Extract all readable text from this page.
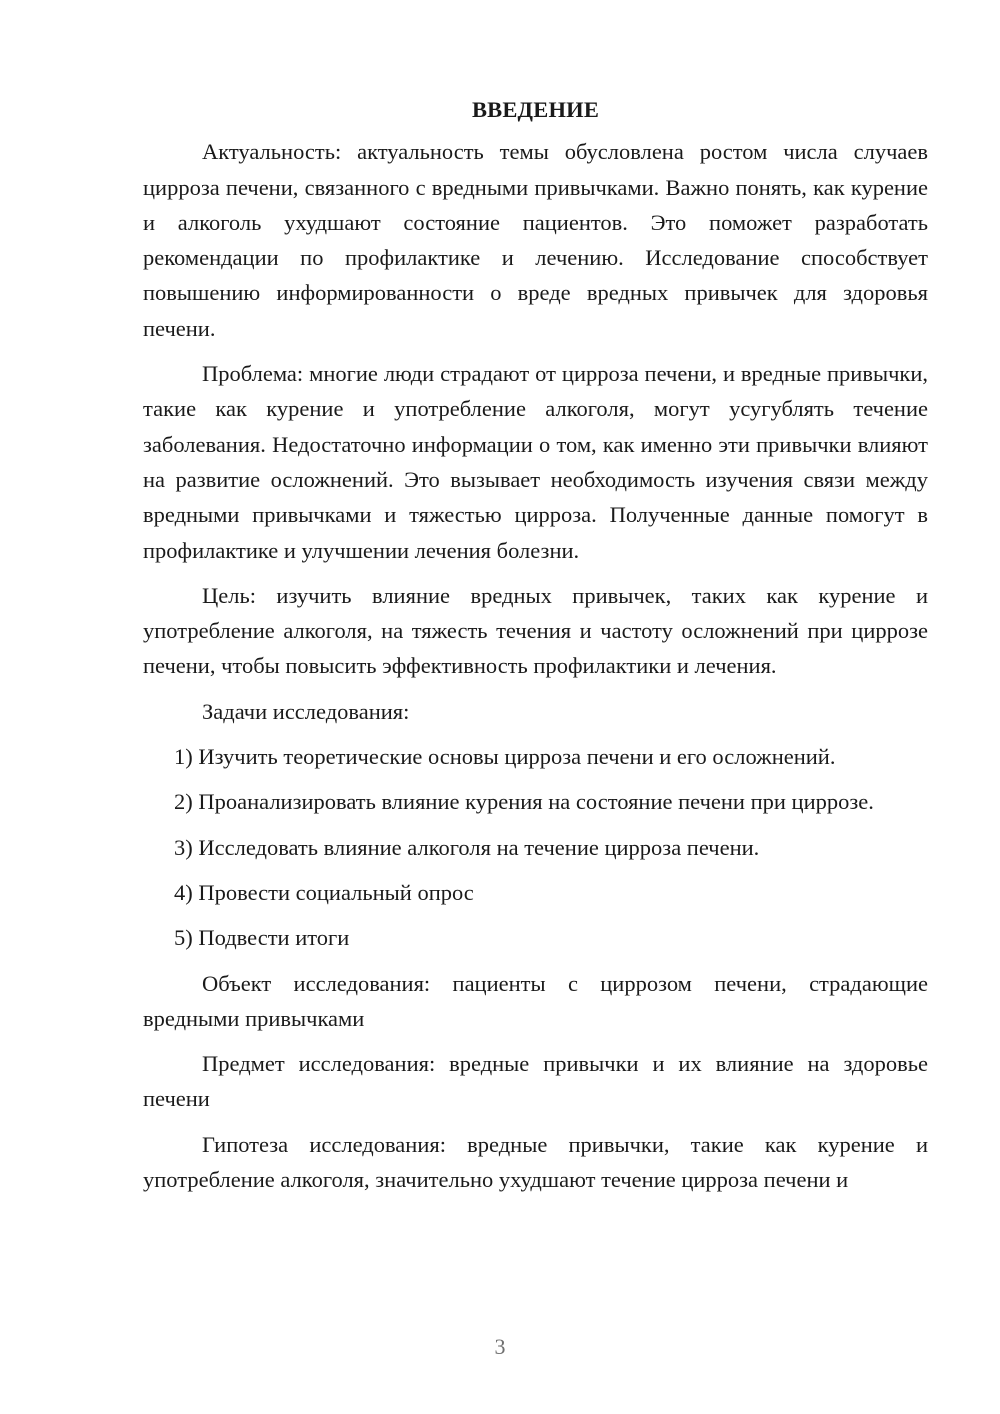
ВВЕДЕНИЕ

Актуальность: актуальность темы обусловлена ростом числа случаев цирроза печени, связанного с вредными привычками. Важно понять, как курение и алкоголь ухудшают состояние пациентов. Это поможет разработать рекомендации по профилактике и лечению. Исследование способствует повышению информированности о вреде вредных привычек для здоровья печени.

Проблема: многие люди страдают от цирроза печени, и вредные привычки, такие как курение и употребление алкоголя, могут усугублять течение заболевания. Недостаточно информации о том, как именно эти привычки влияют на развитие осложнений. Это вызывает необходимость изучения связи между вредными привычками и тяжестью цирроза. Полученные данные помогут в профилактике и улучшении лечения болезни.

Цель: изучить влияние вредных привычек, таких как курение и употребление алкоголя, на тяжесть течения и частоту осложнений при циррозе печени, чтобы повысить эффективность профилактики и лечения.

Задачи исследования:

1) Изучить теоретические основы цирроза печени и его осложнений.

2) Проанализировать влияние курения на состояние печени при циррозе.

3) Исследовать влияние алкоголя на течение цирроза печени.

4) Провести социальный опрос

5) Подвести итоги

Объект исследования: пациенты с циррозом печени, страдающие вредными привычками

Предмет исследования: вредные привычки и их влияние на здоровье печени

Гипотеза исследования: вредные привычки, такие как курение и употребление алкоголя, значительно ухудшают течение цирроза печени и

3
